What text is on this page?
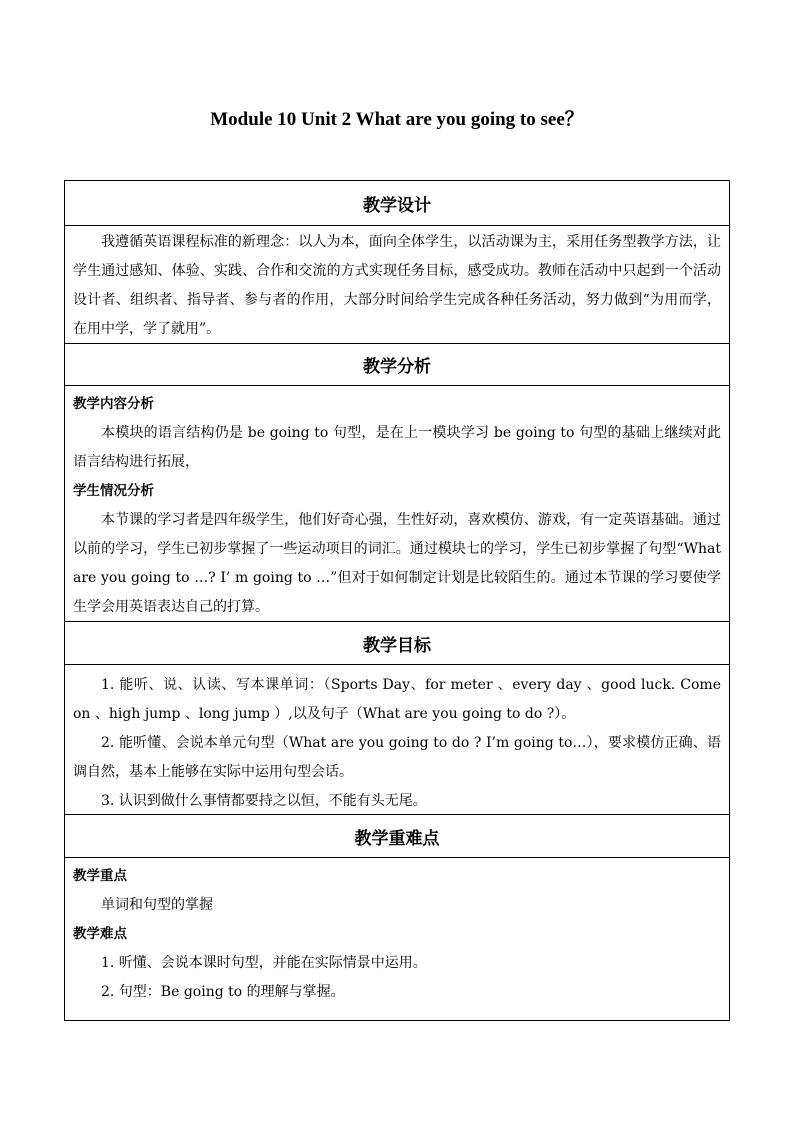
Module 10 Unit 2 What are you going to see？
教学设计
我遵循英语课程标准的新理念：以人为本，面向全体学生，以活动课为主，采用任务型教学方法，让学生通过感知、体验、实践、合作和交流的方式实现任务目标，感受成功。教师在活动中只起到一个活动设计者、组织者、指导者、参与者的作用，大部分时间给学生完成各种任务活动，努力做到“为用而学，在用中学，学了就用”。
教学分析
教学内容分析
本模块的语言结构仍是 be going to 句型，是在上一模块学习 be going to 句型的基础上继续对此语言结构进行拓展，
学生情况分析
本节课的学习者是四年级学生，他们好奇心强，生性好动，喜欢模仿、游戏，有一定英语基础。通过以前的学习，学生已初步掌握了一些运动项目的词汇。通过模块七的学习，学生已初步掌握了句型“What are you going to …? I’ m going to …”但对于如何制定计划是比较陌生的。通过本节课的学习要使学生学会用英语表达自己的打算。
教学目标
1. 能听、说、认读、写本课单词：（Sports Day、for meter 、every day 、good luck. Come on 、high jump 、long jump ）,以及句子（What are you going to do ?）。
2. 能听懂、会说本单元句型（What are you going to do ? I’m going to…），要求模仿正确、语调自然，基本上能够在实际中运用句型会话。
3. 认识到做什么事情都要持之以恒，不能有头无尾。
教学重难点
教学重点
单词和句型的掌握
教学难点
1. 听懂、会说本课时句型，并能在实际情景中运用。
2. 句型：Be going to 的理解与掌握。
